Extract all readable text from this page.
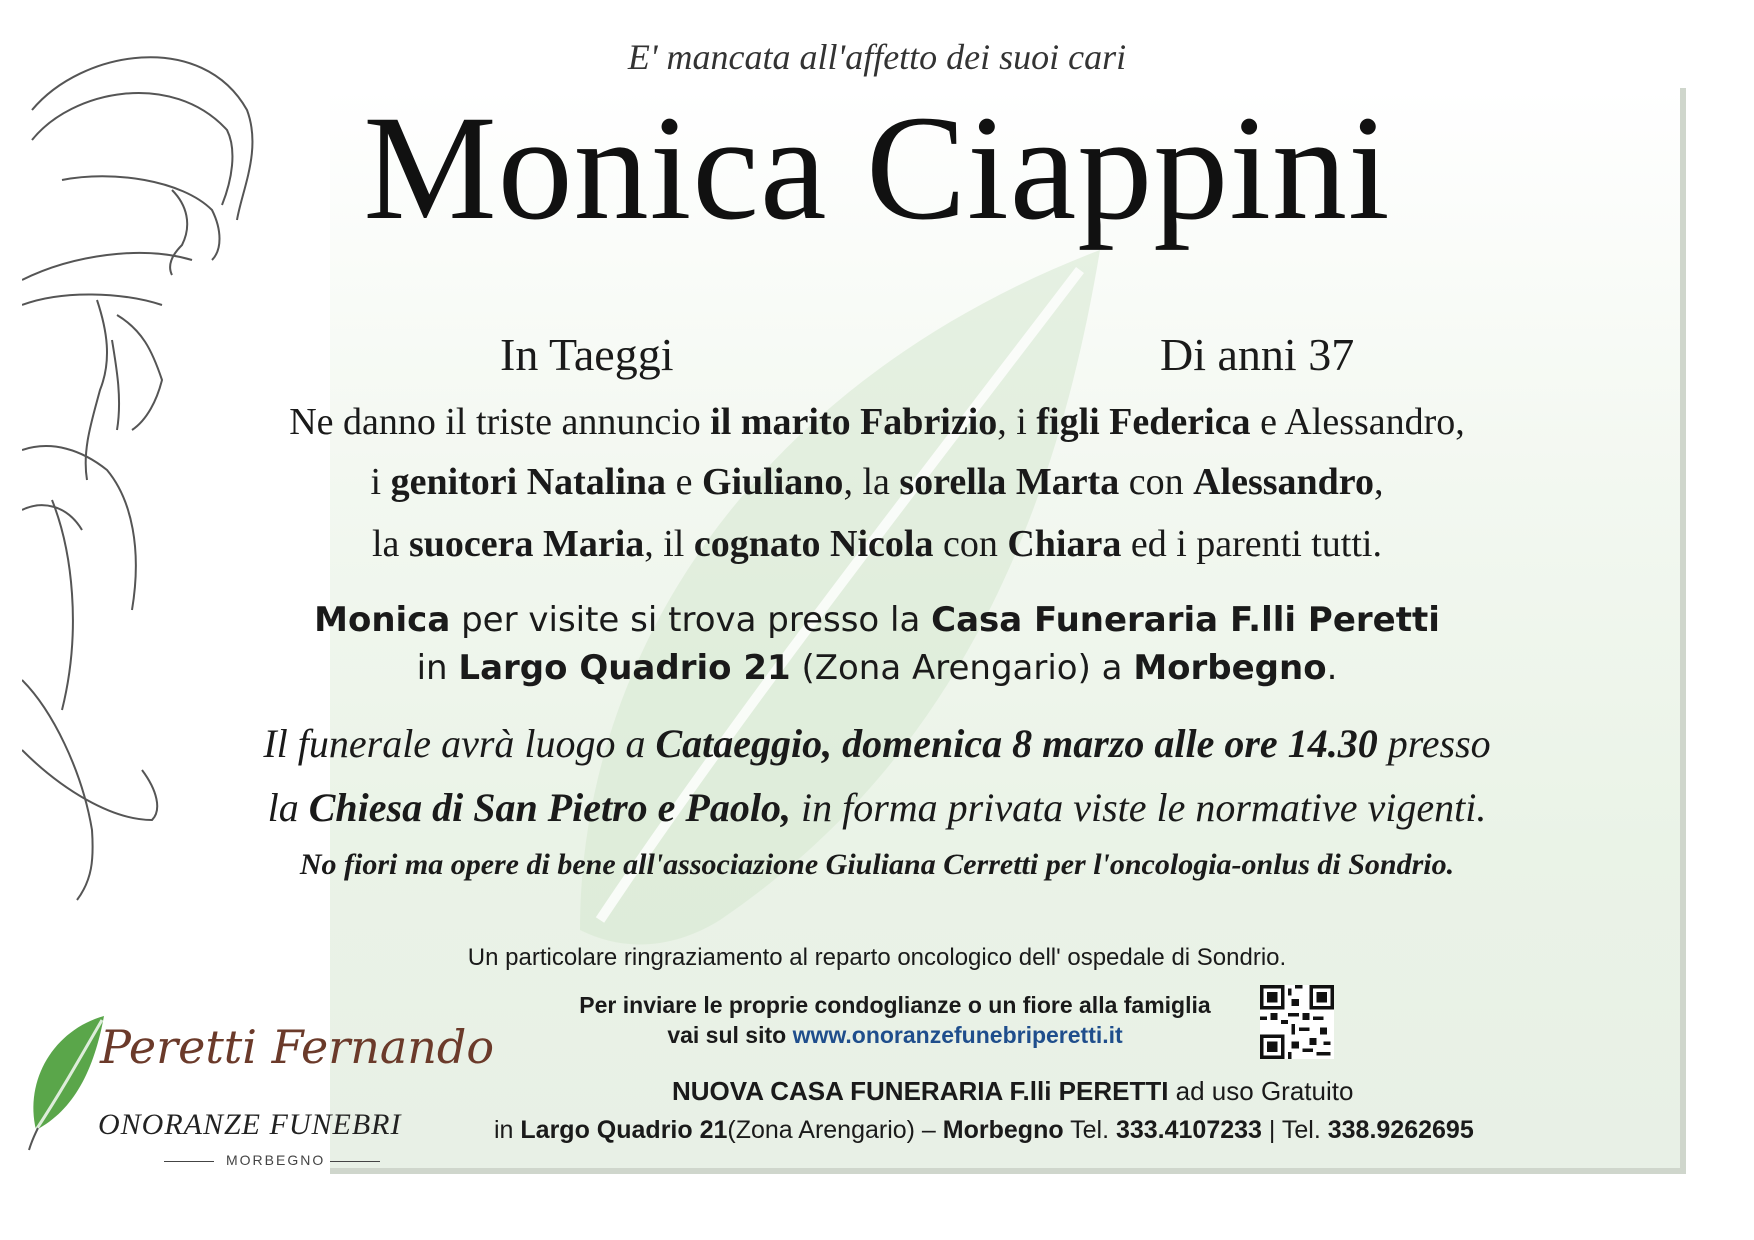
E' mancata all'affetto dei suoi cari

Monica Ciappini

In Taeggi	Di anni 37

Ne danno il triste annuncio il marito Fabrizio, i figli Federica e Alessandro,

i genitori Natalina e Giuliano, la sorella Marta con Alessandro,

la suocera Maria, il cognato Nicola con Chiara ed i parenti tutti.

Monica per visite si trova presso la Casa Funeraria F.lli Peretti

in Largo Quadrio 21 (Zona Arengario) a Morbegno.

Il funerale avrà luogo a Cataeggio, domenica 8 marzo alle ore 14.30 presso

la Chiesa di San Pietro e Paolo, in forma privata viste le normative vigenti.

No fiori ma opere di bene all'associazione Giuliana Cerretti per l'oncologia-onlus di Sondrio.

Un particolare ringraziamento al reparto oncologico dell' ospedale di Sondrio.

Per inviare le proprie condoglianze o un fiore alla famiglia

vai sul sito www.onoranzefunebriperetti.it

NUOVA CASA FUNERARIA F.lli PERETTI ad uso Gratuito

in Largo Quadrio 21(Zona Arengario) – Morbegno Tel. 333.4107233 | Tel. 338.9262695

Peretti Fernando

ONORANZE FUNEBRI

MORBEGNO
